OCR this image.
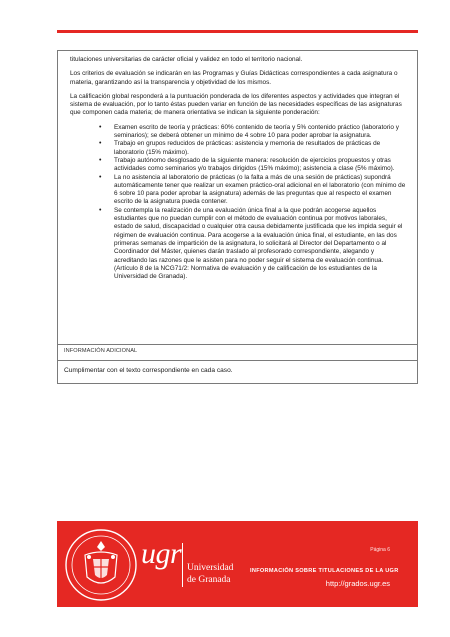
titulaciones universitarias de carácter oficial y validez en todo el territorio nacional.

Los criterios de evaluación se indicarán en las Programas y Guías Didácticas correspondientes a cada asignatura o materia, garantizando así la transparencia y objetividad de los mismos.

La calificación global responderá a la puntuación ponderada de los diferentes aspectos y actividades que integran el sistema de evaluación, por lo tanto éstas pueden variar en función de las necesidades específicas de las asignaturas que componen cada materia; de manera orientativa se indican la siguiente ponderación:

• Examen escrito de teoría y prácticas: 60% contenido de teoría y 5% contenido práctico (laboratorio y seminarios); se deberá obtener un mínimo de 4 sobre 10 para poder aprobar la asignatura.
• Trabajo en grupos reducidos de prácticas: asistencia y memoria de resultados de prácticas de laboratorio (15% máximo).
• Trabajo autónomo desglosado de la siguiente manera: resolución de ejercicios propuestos y otras actividades como seminarios y/o trabajos dirigidos (15% máximo); asistencia a clase (5% máximo).
• La no asistencia al laboratorio de prácticas (o la falta a más de una sesión de prácticas) supondrá automáticamente tener que realizar un examen práctico-oral adicional en el laboratorio (con mínimo de 6 sobre 10 para poder aprobar la asignatura) además de las preguntas que al respecto el examen escrito de la asignatura pueda contener.
• Se contempla la realización de una evaluación única final a la que podrán acogerse aquellos estudiantes que no puedan cumplir con el método de evaluación continua por motivos laborales, estado de salud, discapacidad o cualquier otra causa debidamente justificada que les impida seguir el régimen de evaluación continua. Para acogerse a la evaluación única final, el estudiante, en las dos primeras semanas de impartición de la asignatura, lo solicitará al Director del Departamento o al Coordinador del Máster, quienes darán traslado al profesorado correspondiente, alegando y acreditando las razones que le asisten para no poder seguir el sistema de evaluación continua. (Artículo 8 de la NCG71/2: Normativa de evaluación y de calificación de los estudiantes de la Universidad de Granada).
INFORMACIÓN ADICIONAL
Cumplimentar con el texto correspondiente en cada caso.
ugr Universidad
de Granada
Página 6
INFORMACIÓN SOBRE TITULACIONES DE LA UGR
http://grados.ugr.es
